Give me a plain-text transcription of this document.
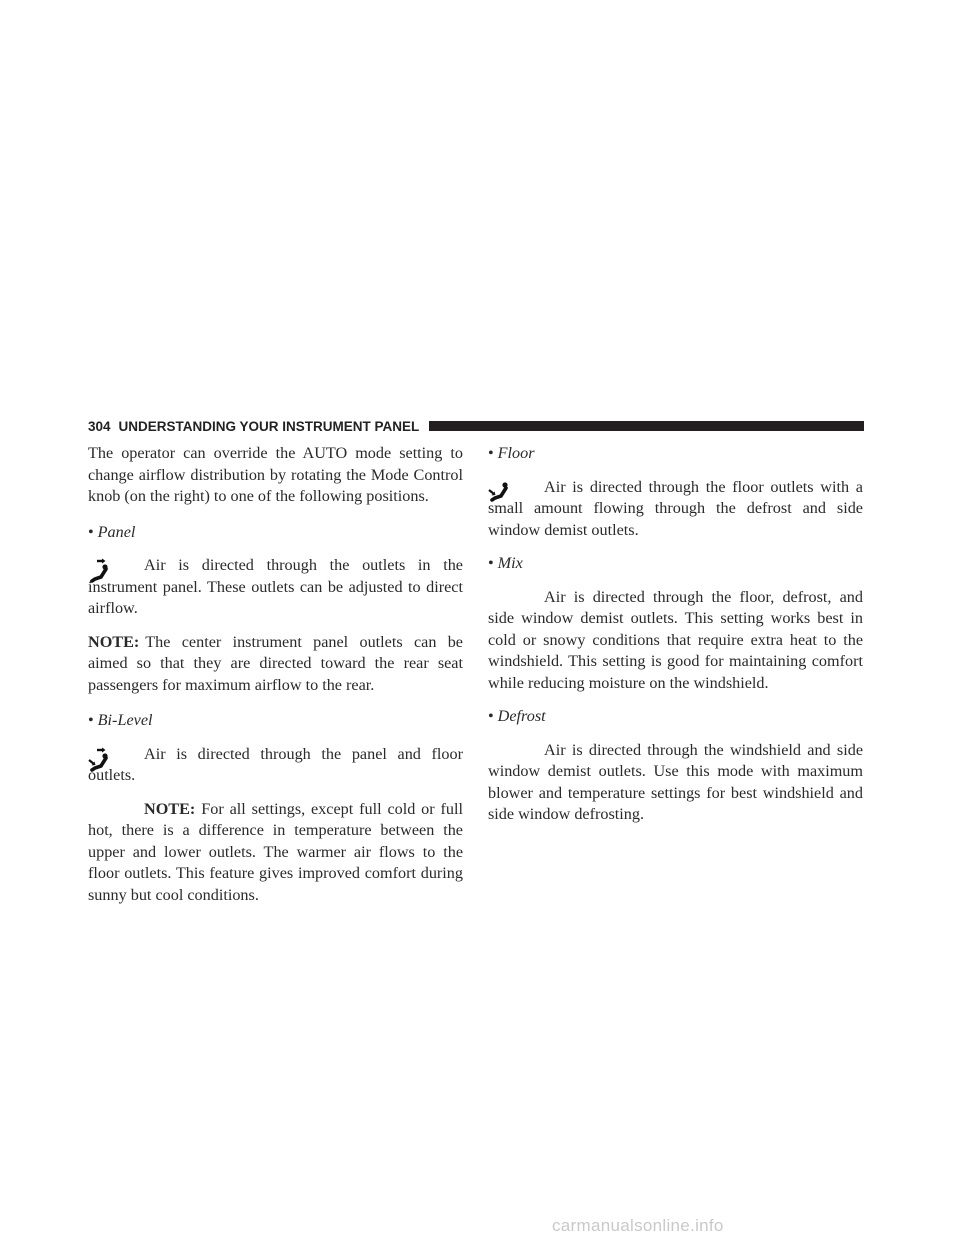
304 UNDERSTANDING YOUR INSTRUMENT PANEL

The operator can override the AUTO mode setting to change airflow distribution by rotating the Mode Control knob (on the right) to one of the following positions.

• Panel

Air is directed through the outlets in the instrument panel. These outlets can be adjusted to direct airflow.

NOTE: The center instrument panel outlets can be aimed so that they are directed toward the rear seat passengers for maximum airflow to the rear.

• Bi-Level

Air is directed through the panel and floor outlets.

NOTE: For all settings, except full cold or full hot, there is a difference in temperature between the upper and lower outlets. The warmer air flows to the floor outlets. This feature gives improved comfort during sunny but cool conditions.

• Floor

Air is directed through the floor outlets with a small amount flowing through the defrost and side window demist outlets.

• Mix

Air is directed through the floor, defrost, and side window demist outlets. This setting works best in cold or snowy conditions that require extra heat to the windshield. This setting is good for maintaining comfort while reducing moisture on the windshield.

• Defrost

Air is directed through the windshield and side window demist outlets. Use this mode with maximum blower and temperature settings for best windshield and side window defrosting.

carmanualsonline.info
